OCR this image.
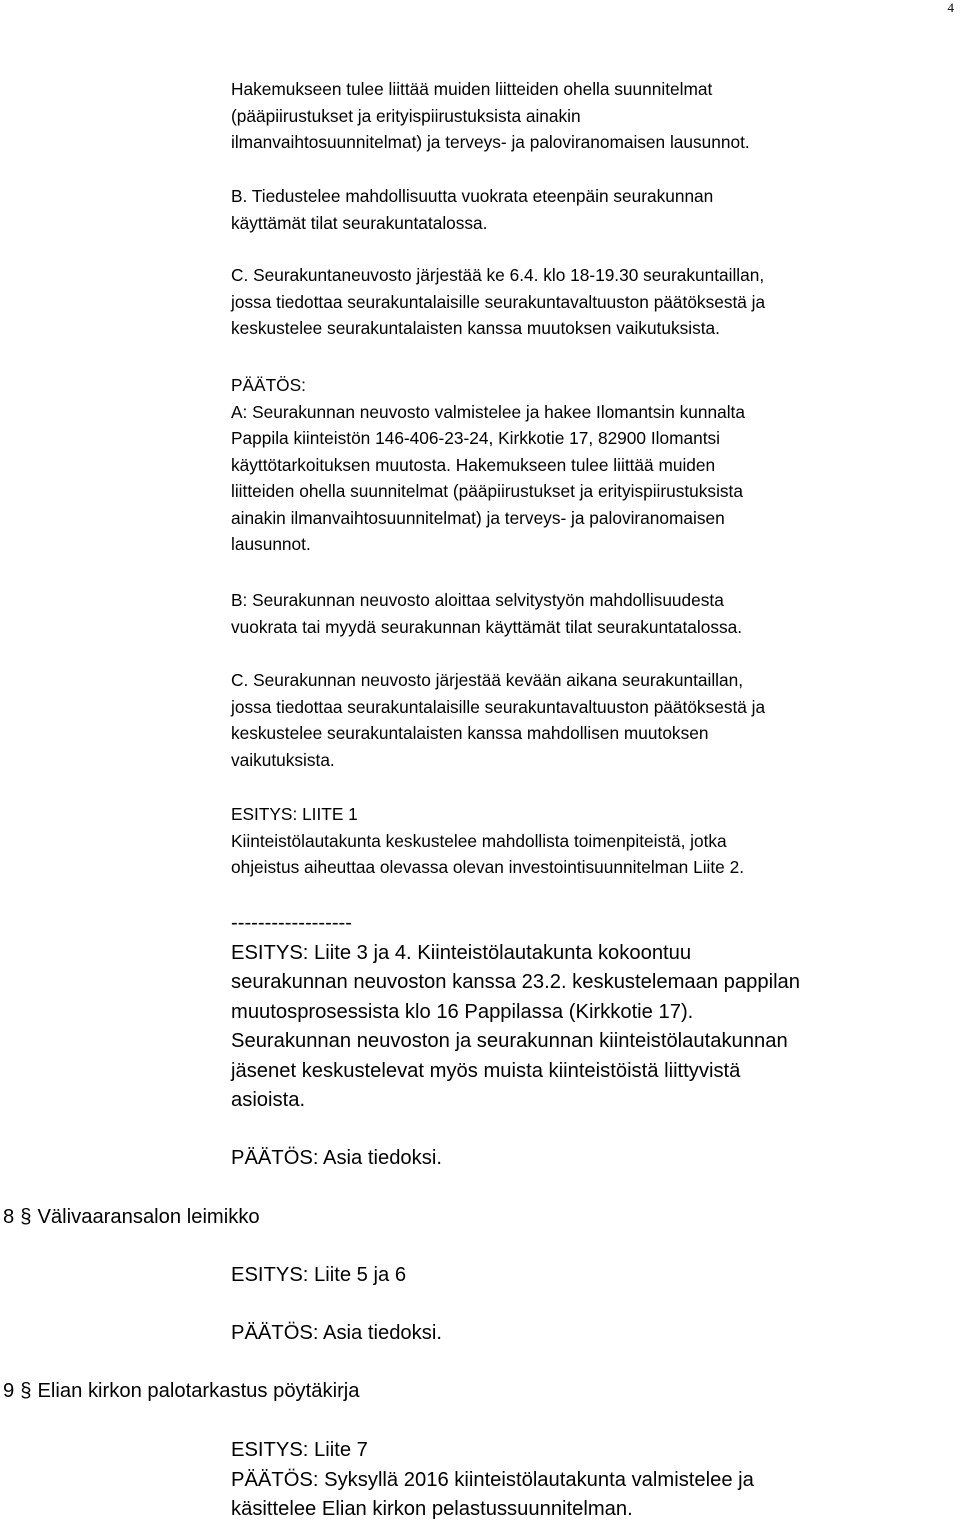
4
Hakemukseen tulee liittää muiden liitteiden ohella suunnitelmat
(pääpiirustukset ja erityispiirustuksista ainakin
ilmanvaihtosuunnitelmat) ja terveys- ja paloviranomaisen lausunnot.
B. Tiedustelee mahdollisuutta vuokrata eteenpäin seurakunnan
käyttämät tilat seurakuntatalossa.
C. Seurakuntaneuvosto järjestää ke 6.4. klo 18-19.30 seurakuntaillan,
jossa tiedottaa seurakuntalaisille seurakuntavaltuuston päätöksestä ja
keskustelee seurakuntalaisten kanssa muutoksen vaikutuksista.
PÄÄTÖS:
A: Seurakunnan neuvosto valmistelee ja hakee Ilomantsin kunnalta
Pappila kiinteistön 146-406-23-24, Kirkkotie 17, 82900 Ilomantsi
käyttötarkoituksen muutosta. Hakemukseen tulee liittää muiden
liitteiden ohella suunnitelmat (pääpiirustukset ja erityispiirustuksista
ainakin ilmanvaihtosuunnitelmat) ja terveys- ja paloviranomaisen
lausunnot.
B: Seurakunnan neuvosto aloittaa selvitystyön mahdollisuudesta
vuokrata tai myydä seurakunnan käyttämät tilat seurakuntatalossa.
C. Seurakunnan neuvosto järjestää kevään aikana seurakuntaillan,
jossa tiedottaa seurakuntalaisille seurakuntavaltuuston päätöksestä ja
keskustelee seurakuntalaisten kanssa mahdollisen muutoksen
vaikutuksista.
ESITYS: LIITE 1
Kiinteistölautakunta keskustelee mahdollista toimenpiteistä, jotka
ohjeistus aiheuttaa olevassa olevan investointisuunnitelman Liite 2.
------------------
ESITYS: Liite 3 ja 4. Kiinteistölautakunta kokoontuu
seurakunnan neuvoston kanssa 23.2. keskustelemaan pappilan
muutosprosessista klo 16 Pappilassa (Kirkkotie 17).
Seurakunnan neuvoston ja seurakunnan kiinteistölautakunnan
jäsenet keskustelevat myös muista kiinteistöistä liittyvistä
asioista.
PÄÄTÖS: Asia tiedoksi.
8 § Välivaaransalon leimikko
ESITYS: Liite 5 ja 6
PÄÄTÖS: Asia tiedoksi.
9 § Elian kirkon palotarkastus pöytäkirja
ESITYS: Liite 7
PÄÄTÖS: Syksyllä 2016 kiinteistölautakunta valmistelee ja
käsittelee Elian kirkon pelastussuunnitelman.
